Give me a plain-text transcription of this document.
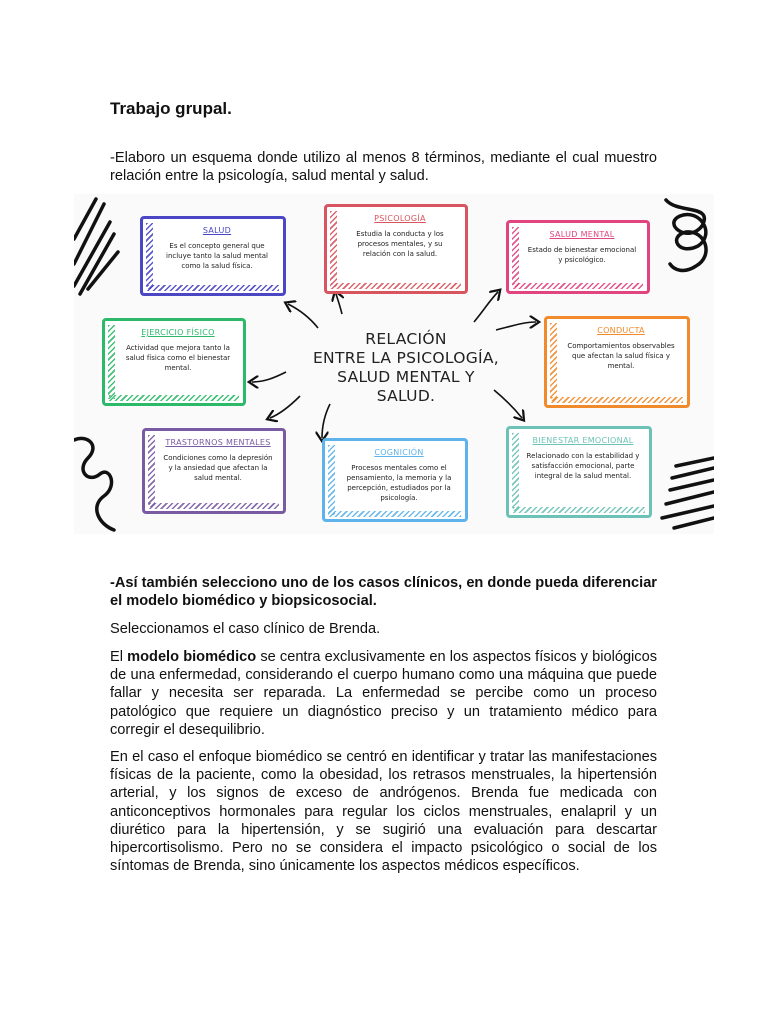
Trabajo grupal.

-Elaboro un esquema donde utilizo al menos 8 términos, mediante el cual muestro relación entre la psicología, salud mental y salud.

SALUD
Es el concepto general que incluye tanto la salud mental como la salud física.
PSICOLOGÍA
Estudia la conducta y los procesos mentales, y su relación con la salud.
SALUD MENTAL
Estado de bienestar emocional y psicológico.
EJERCICIO FÍSICO
Actividad que mejora tanto la salud física como el bienestar mental.
RELACIÓN
ENTRE LA PSICOLOGÍA,
SALUD MENTAL Y
SALUD.
CONDUCTA
Comportamientos observables que afectan la salud física y mental.
TRASTORNOS MENTALES
Condiciones como la depresión y la ansiedad que afectan la salud mental.
COGNICIÓN
Procesos mentales como el pensamiento, la memoria y la percepción, estudiados por la psicología.
BIENESTAR EMOCIONAL
Relacionado con la estabilidad y satisfacción emocional, parte integral de la salud mental.

-Así también selecciono uno de los casos clínicos, en donde pueda diferenciar el modelo biomédico y biopsicosocial.

Seleccionamos el caso clínico de Brenda.

El modelo biomédico se centra exclusivamente en los aspectos físicos y biológicos de una enfermedad, considerando el cuerpo humano como una máquina que puede fallar y necesita ser reparada. La enfermedad se percibe como un proceso patológico que requiere un diagnóstico preciso y un tratamiento médico para corregir el desequilibrio.

En el caso el enfoque biomédico se centró en identificar y tratar las manifestaciones físicas de la paciente, como la obesidad, los retrasos menstruales, la hipertensión arterial, y los signos de exceso de andrógenos. Brenda fue medicada con anticonceptivos hormonales para regular los ciclos menstruales, enalapril y un diurético para la hipertensión, y se sugirió una evaluación para descartar hipercortisolismo. Pero no se considera el impacto psicológico o social de los síntomas de Brenda, sino únicamente los aspectos médicos específicos.
